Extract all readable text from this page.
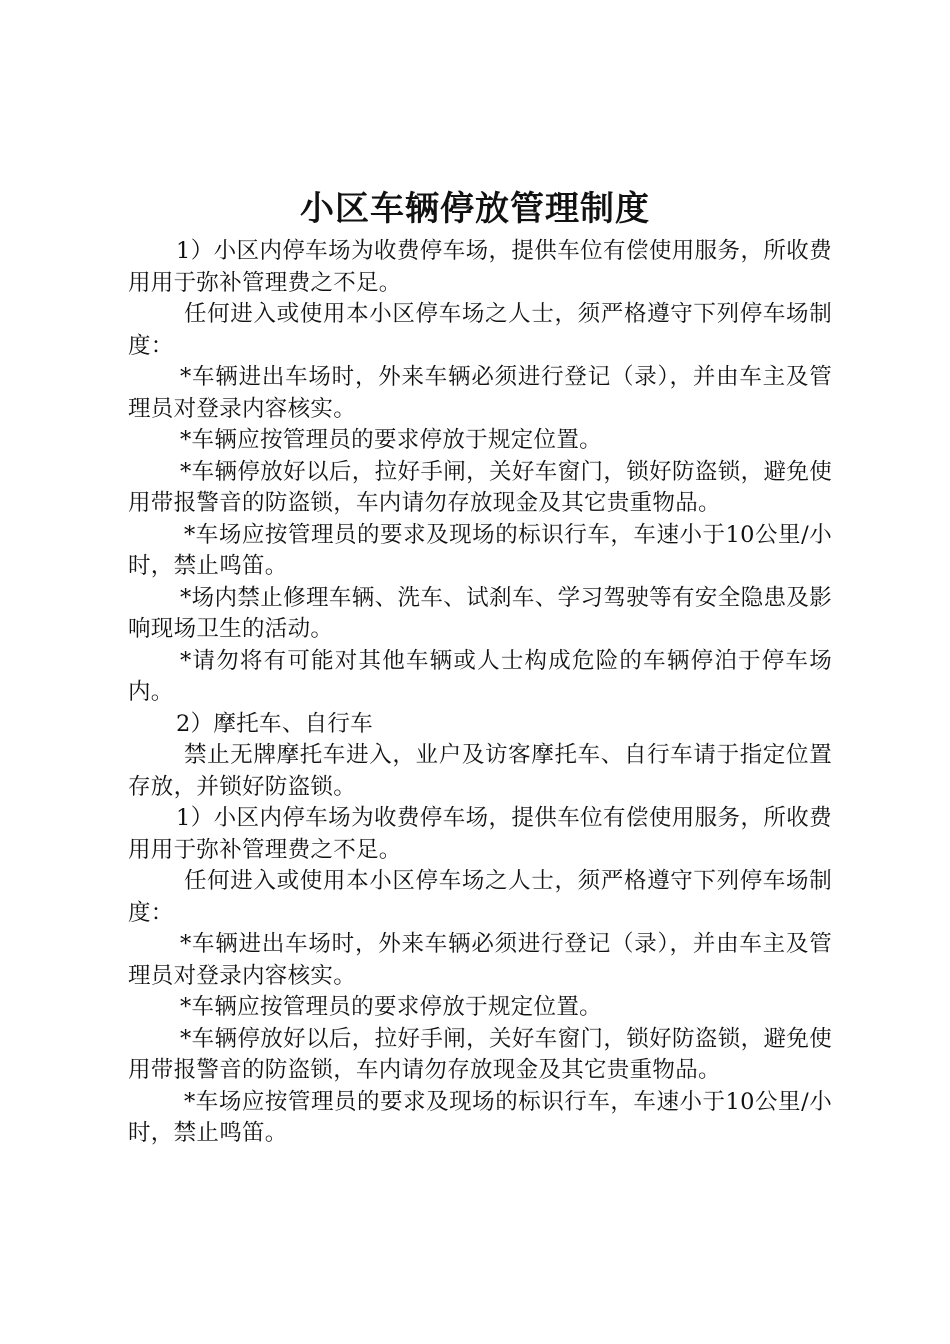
小区车辆停放管理制度

1）小区内停车场为收费停车场，提供车位有偿使用服务，所收费用用于弥补管理费之不足。

任何进入或使用本小区停车场之人士，须严格遵守下列停车场制度：

*车辆进出车场时，外来车辆必须进行登记（录），并由车主及管理员对登录内容核实。

*车辆应按管理员的要求停放于规定位置。

*车辆停放好以后，拉好手闸，关好车窗门，锁好防盗锁，避免使用带报警音的防盗锁，车内请勿存放现金及其它贵重物品。

*车场应按管理员的要求及现场的标识行车，车速小于10公里/小时，禁止鸣笛。

*场内禁止修理车辆、洗车、试刹车、学习驾驶等有安全隐患及影响现场卫生的活动。

*请勿将有可能对其他车辆或人士构成危险的车辆停泊于停车场内。

2）摩托车、自行车

禁止无牌摩托车进入，业户及访客摩托车、自行车请于指定位置存放，并锁好防盗锁。

1）小区内停车场为收费停车场，提供车位有偿使用服务，所收费用用于弥补管理费之不足。

任何进入或使用本小区停车场之人士，须严格遵守下列停车场制度：

*车辆进出车场时，外来车辆必须进行登记（录），并由车主及管理员对登录内容核实。

*车辆应按管理员的要求停放于规定位置。

*车辆停放好以后，拉好手闸，关好车窗门，锁好防盗锁，避免使用带报警音的防盗锁，车内请勿存放现金及其它贵重物品。

*车场应按管理员的要求及现场的标识行车，车速小于10公里/小时，禁止鸣笛。
